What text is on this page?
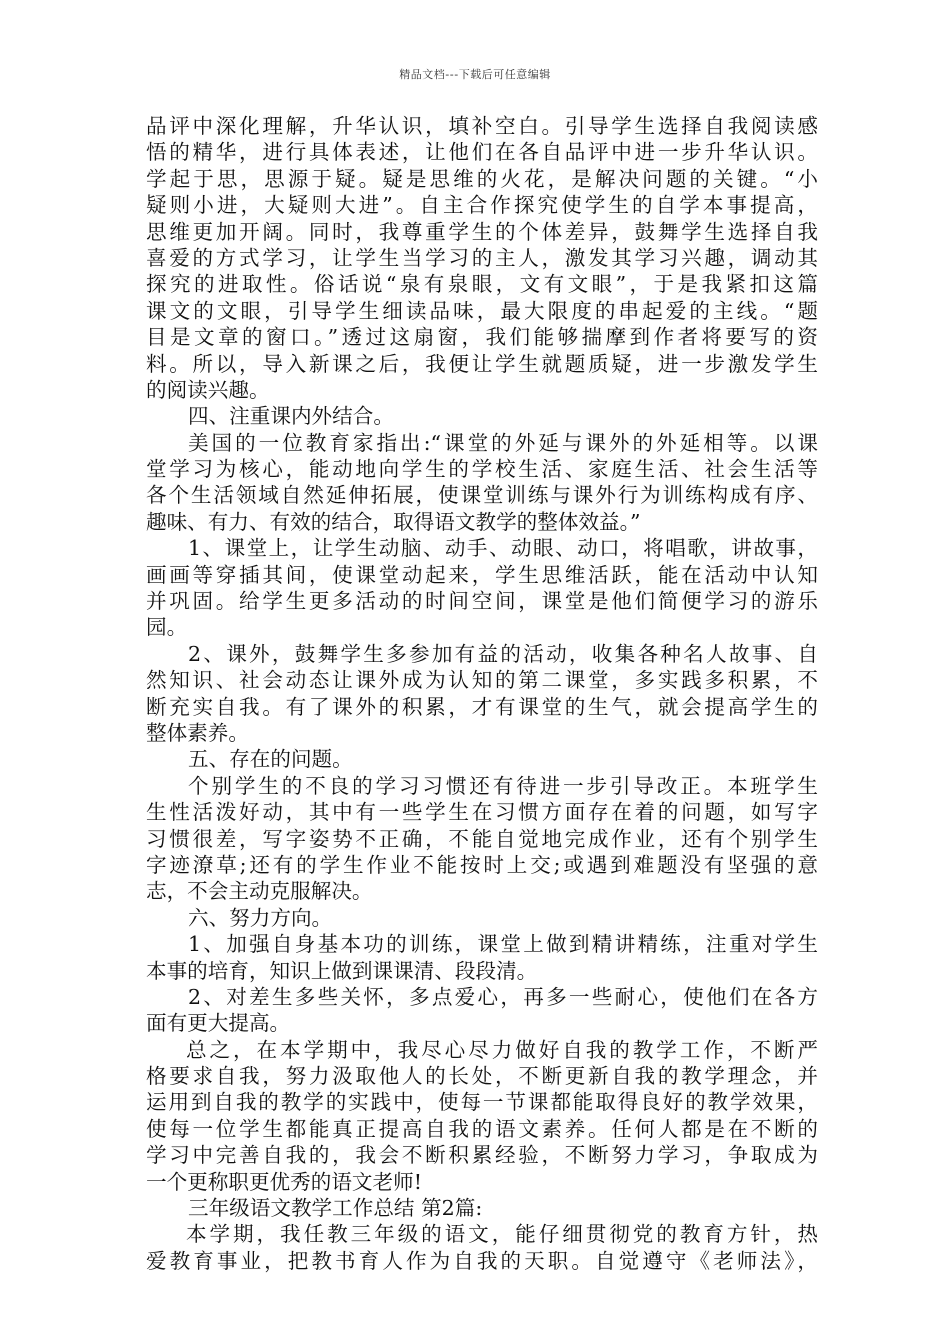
精品文档---下载后可任意编辑
品评中深化理解，升华认识，填补空白。引导学生选择自我阅读感
悟的精华，进行具体表述，让他们在各自品评中进一步升华认识。
学起于思，思源于疑。疑是思维的火花，是解决问题的关键。“小
疑则小进，大疑则大进”。自主合作探究使学生的自学本事提高，
思维更加开阔。同时，我尊重学生的个体差异，鼓舞学生选择自我
喜爱的方式学习，让学生当学习的主人，激发其学习兴趣，调动其
探究的进取性。俗话说“泉有泉眼，文有文眼”，于是我紧扣这篇
课文的文眼，引导学生细读品味，最大限度的串起爱的主线。“题
目是文章的窗口。”透过这扇窗，我们能够揣摩到作者将要写的资
料。所以，导入新课之后，我便让学生就题质疑，进一步激发学生
的阅读兴趣。
四、注重课内外结合。
美国的一位教育家指出:“课堂的外延与课外的外延相等。以课
堂学习为核心，能动地向学生的学校生活、家庭生活、社会生活等
各个生活领域自然延伸拓展，使课堂训练与课外行为训练构成有序、
趣味、有力、有效的结合，取得语文教学的整体效益。”
1、课堂上，让学生动脑、动手、动眼、动口，将唱歌，讲故事，
画画等穿插其间，使课堂动起来，学生思维活跃，能在活动中认知
并巩固。给学生更多活动的时间空间，课堂是他们简便学习的游乐
园。
2、课外，鼓舞学生多参加有益的活动，收集各种名人故事、自
然知识、社会动态让课外成为认知的第二课堂，多实践多积累，不
断充实自我。有了课外的积累，才有课堂的生气，就会提高学生的
整体素养。
五、存在的问题。
个别学生的不良的学习习惯还有待进一步引导改正。本班学生
生性活泼好动，其中有一些学生在习惯方面存在着的问题，如写字
习惯很差，写字姿势不正确，不能自觉地完成作业，还有个别学生
字迹潦草;还有的学生作业不能按时上交;或遇到难题没有坚强的意
志，不会主动克服解决。
六、努力方向。
1、加强自身基本功的训练，课堂上做到精讲精练，注重对学生
本事的培育，知识上做到课课清、段段清。
2、对差生多些关怀，多点爱心，再多一些耐心，使他们在各方
面有更大提高。
总之，在本学期中，我尽心尽力做好自我的教学工作，不断严
格要求自我，努力汲取他人的长处，不断更新自我的教学理念，并
运用到自我的教学的实践中，使每一节课都能取得良好的教学效果，
使每一位学生都能真正提高自我的语文素养。任何人都是在不断的
学习中完善自我的，我会不断积累经验，不断努力学习，争取成为
一个更称职更优秀的语文老师!
三年级语文教学工作总结 第2篇:
本学期，我任教三年级的语文，能仔细贯彻党的教育方针，热
爱教育事业，把教书育人作为自我的天职。自觉遵守《老师法》，
